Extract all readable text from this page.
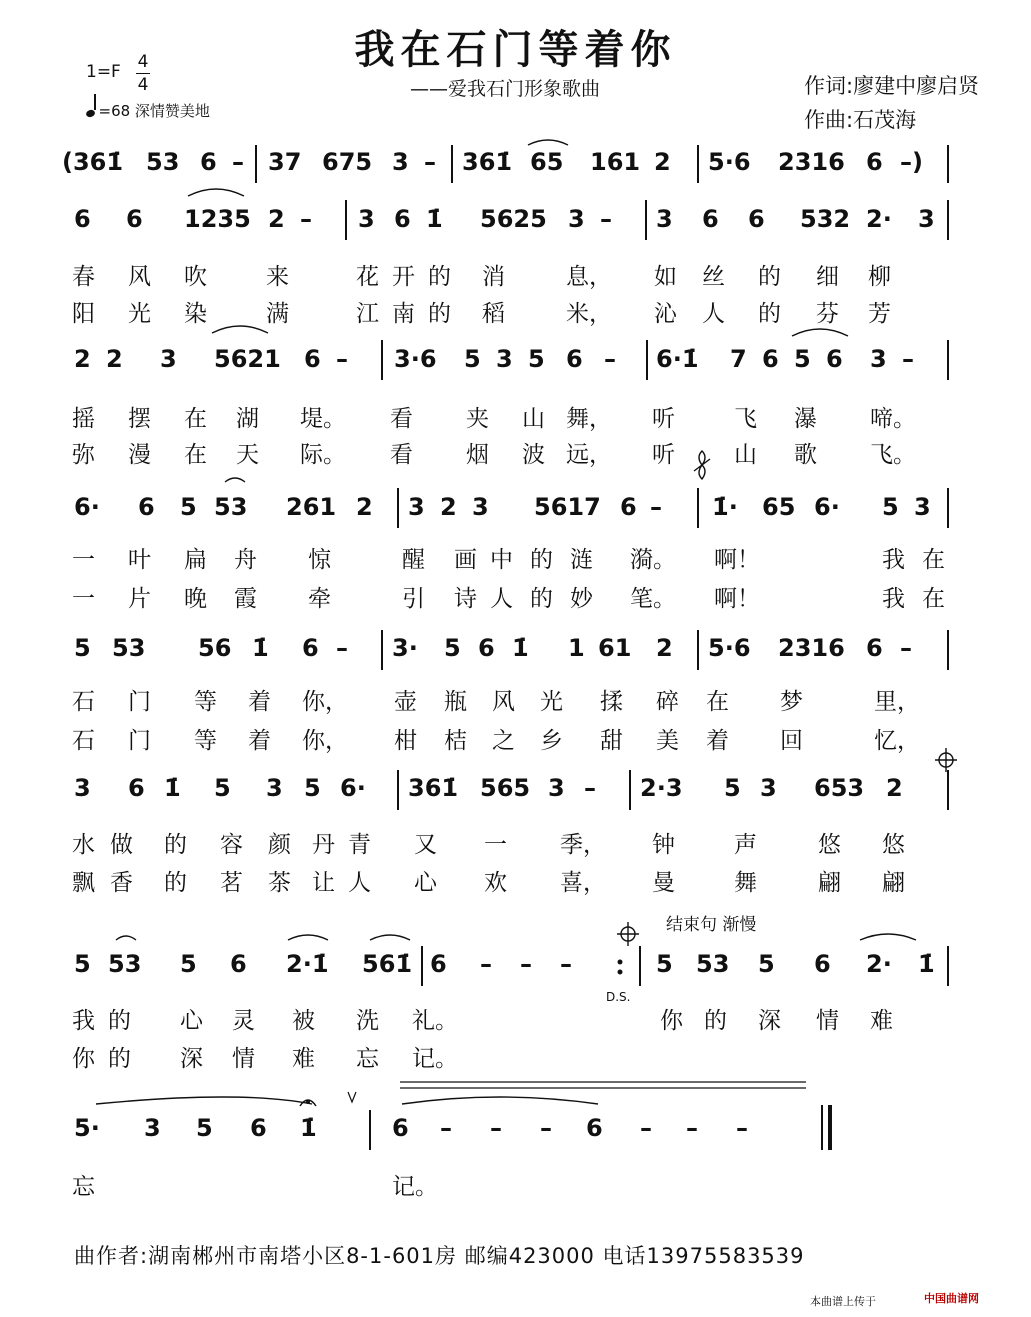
我在石门等着你
——爱我石门形象歌曲	作词:廖建中廖启贤
作曲:石茂海
1=F 4
4
=68 深情赞美地
(361̇ 53 6 – 37 675 3 – 361̇ 65 161 2 5·6 2316 6 –)
6 6 1235 2 – 3 6 1̇ 5625 3 – 3 6 6 532 2· 3
2 2 3 5621 6 – 3·6 5 3 5 6 – 6·1̇ 7 6 5 6 3 –
6· 6 5 53 261 2 3 2 3 5617 6 – 1̇· 65 6· 5 3
5 53 56 1̇ 6 – 3· 5 6 1̇ 1 61 2 5·6 2316 6 –
3 6 1̇ 5 3 5 6· 361̇ 565 3 – 2·3 5 3 653 2
5 53 5 6 2·1̇ 561̇ 6 – – –	5 53 5 6 2· 1̇
5· 3 5 6 1̇	6 – – – 6 – – –
春 风 吹	来	花 开 的 消	息， 如 丝 的 细 柳
阳 光 染	满	江 南 的 稻	米， 沁 人 的 芬 芳
摇 摆 在 湖 堤。 看 夹 山 舞， 听	飞 瀑 啼。
弥 漫 在 天 际。 看 烟 波 远， 听	山 歌 飞。
一 叶 扁 舟 惊	醒 画 中 的 涟 漪。 啊！	我 在
一 片 晚 霞 牵	引 诗 人 的 妙 笔。 啊！	我 在
石 门 等 着 你， 壶 瓶 风 光 揉 碎 在 梦	里，
石 门 等 着 你， 柑 桔 之 乡 甜 美 着 回	忆，
水 做 的 容 颜 丹 青 又 一 季， 钟	声	悠 悠
飘 香 的 茗 茶 让 人 心 欢 喜， 曼	舞	翩 翩
我 的 心 灵 被 洗 礼。	你 的 深 情 难
你 的 深 情 难 忘 记。
忘	记。
结束句 渐慢
D.S.
曲作者:湖南郴州市南塔小区8-1-601房 邮编423000 电话13975583539
本曲谱上传于	中国曲谱网
